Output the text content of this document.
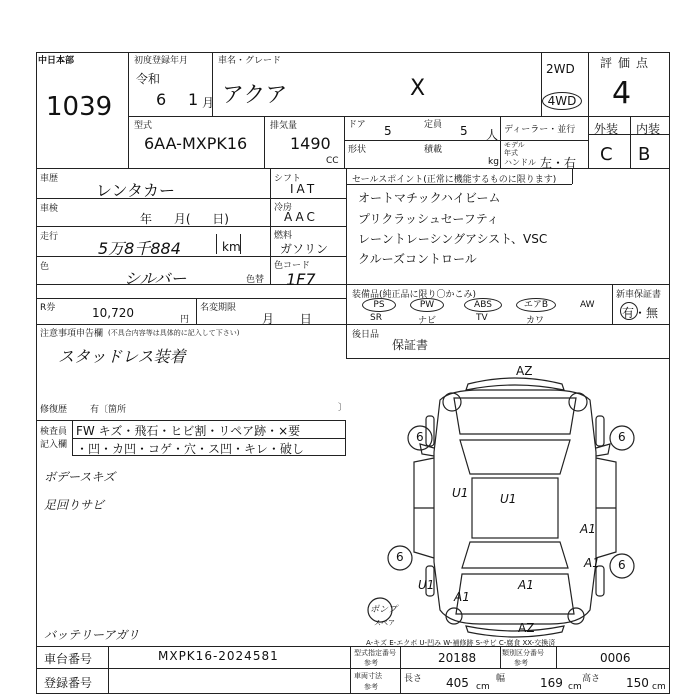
中日本部
1039
初度登録年月
令和
6 1 月
車名・グレード
アクア	X
2WD
4WD
評価点
4
外装 内装
C B
型式
6AA-MXPK16
排気量
1490
CC
ドア 5	定員 5 人 ディーラー・並行
形状	積載
kg
モデル
年式
ハンドル 左・右
車歴
レンタカー
車検
年 月( 日)
走行
5万8千884	km
色
シルバー	色替
色コード
1F7
R券	10,720	円
名変期限
月 日
シフト
IAT
冷房
AAC
燃料
ガソリン
セールスポイント(正常に機能するものに限ります)
オートマチックハイビーム
プリクラッシュセーフティ
レーントレーシングアシスト、VSC
クルーズコントロール
装備品(純正品に限り〇かこみ)
PS
SR
PW
ナビ
ABS
TV
エアB
カワ
AW
新車保証書
有・無
注意事項申告欄 (不具合内容等は具体的に記入して下さい)
スタッドレス装着
修復歴	有〔箇所	〕
後日品
保証書
検査員
記入欄
FW キズ・飛石・ヒビ割・リペア跡・×要
・凹・カ凹・コゲ・穴・ス凹・キレ・破し
ボデースキズ
足回りサビ
バッテリーアガリ
AZ
AZ
6	6
6
6
U1	U1
A1
A1
A1
A1
U1
ポンプ
スペア
A-キズ E-エクボ U-凹み W-補修跡 S-サビ C-腐食 XX-交換済
車台番号	MXPK16-2024581
登録番号
型式指定番号
参考	20188	類別区分番号
参考	0006
車両寸法
参考
長さ 405 cm
幅	169 cm
高さ 150 cm
